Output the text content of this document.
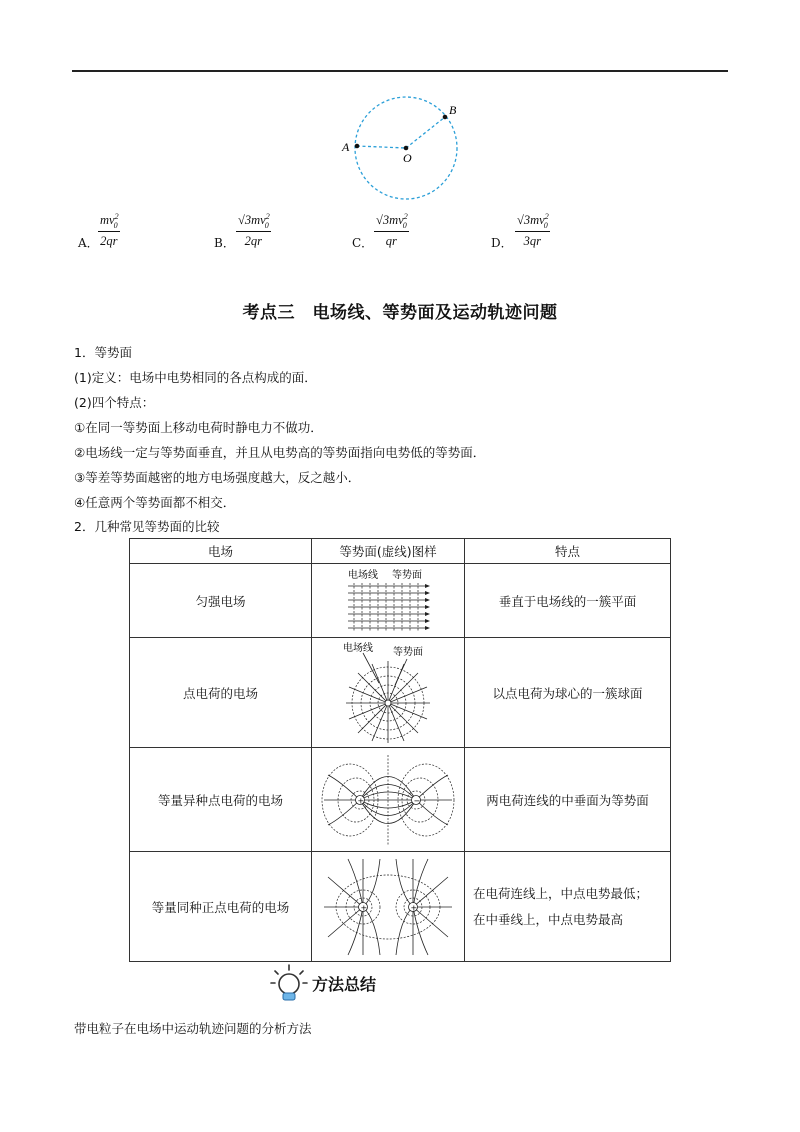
A
B
O
A． $\frac{mv^2_0}{2qr}$	B． $\frac{√3mv^2_0}{2qr}$	C． $\frac{√3mv^2_0}{qr}$	D． $\frac{√3mv^2_0}{3qr}$
考点三　电场线、等势面及运动轨迹问题
1．等势面
(1)定义：电场中电势相同的各点构成的面．
(2)四个特点：
①在同一等势面上移动电荷时静电力不做功．
②电场线一定与等势面垂直，并且从电势高的等势面指向电势低的等势面．
③等差等势面越密的地方电场强度越大，反之越小．
④任意两个等势面都不相交．
2．几种常见等势面的比较
电场	等势面(虚线)图样	特点
匀强电场	电场线 等势面	垂直于电场线的一簇平面
点电荷的电场	电场线 等势面	以点电荷为球心的一簇球面
等量异种点电荷的电场	+ −	两电荷连线的中垂面为等势面
等量同种正点电荷的电场	+ +	在电荷连线上，中点电势最低；在中垂线上，中点电势最高
方法总结
带电粒子在电场中运动轨迹问题的分析方法
